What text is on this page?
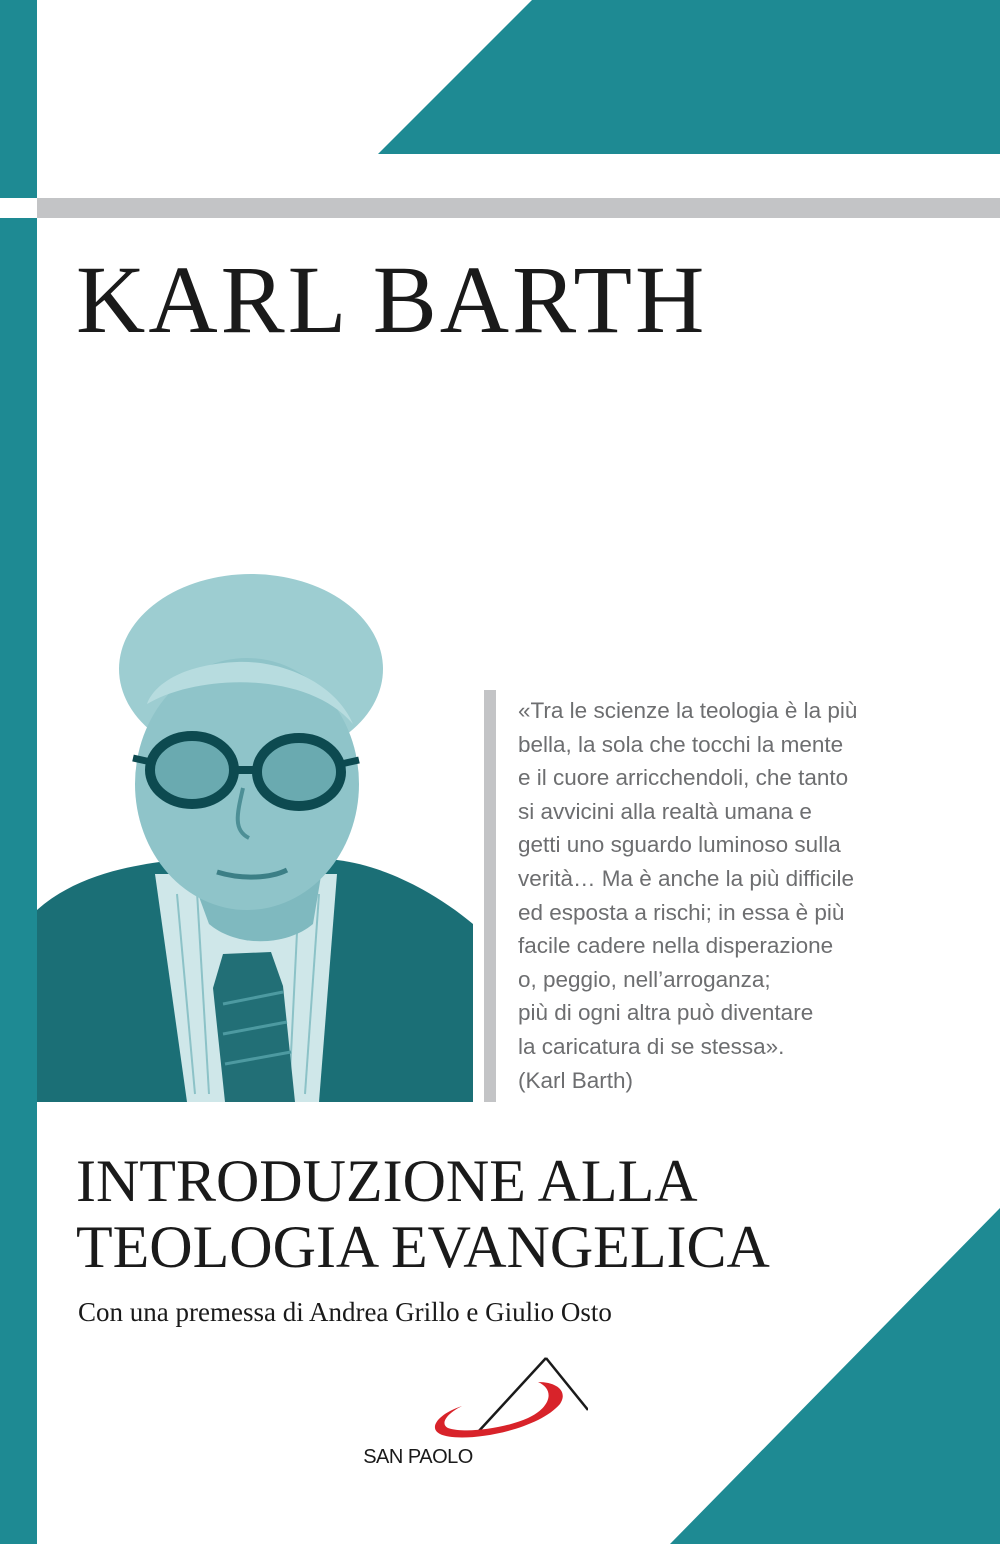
KARL BARTH

«Tra le scienze la teologia è la più
bella, la sola che tocchi la mente
e il cuore arricchendoli, che tanto
si avvicini alla realtà umana e
getti uno sguardo luminoso sulla
verità… Ma è anche la più difficile
ed esposta a rischi; in essa è più
facile cadere nella disperazione
o, peggio, nell’arroganza;
più di ogni altra può diventare
la caricatura di se stessa».
(Karl Barth)

INTRODUZIONE ALLA
TEOLOGIA EVANGELICA

Con una premessa di Andrea Grillo e Giulio Osto

SAN PAOLO
